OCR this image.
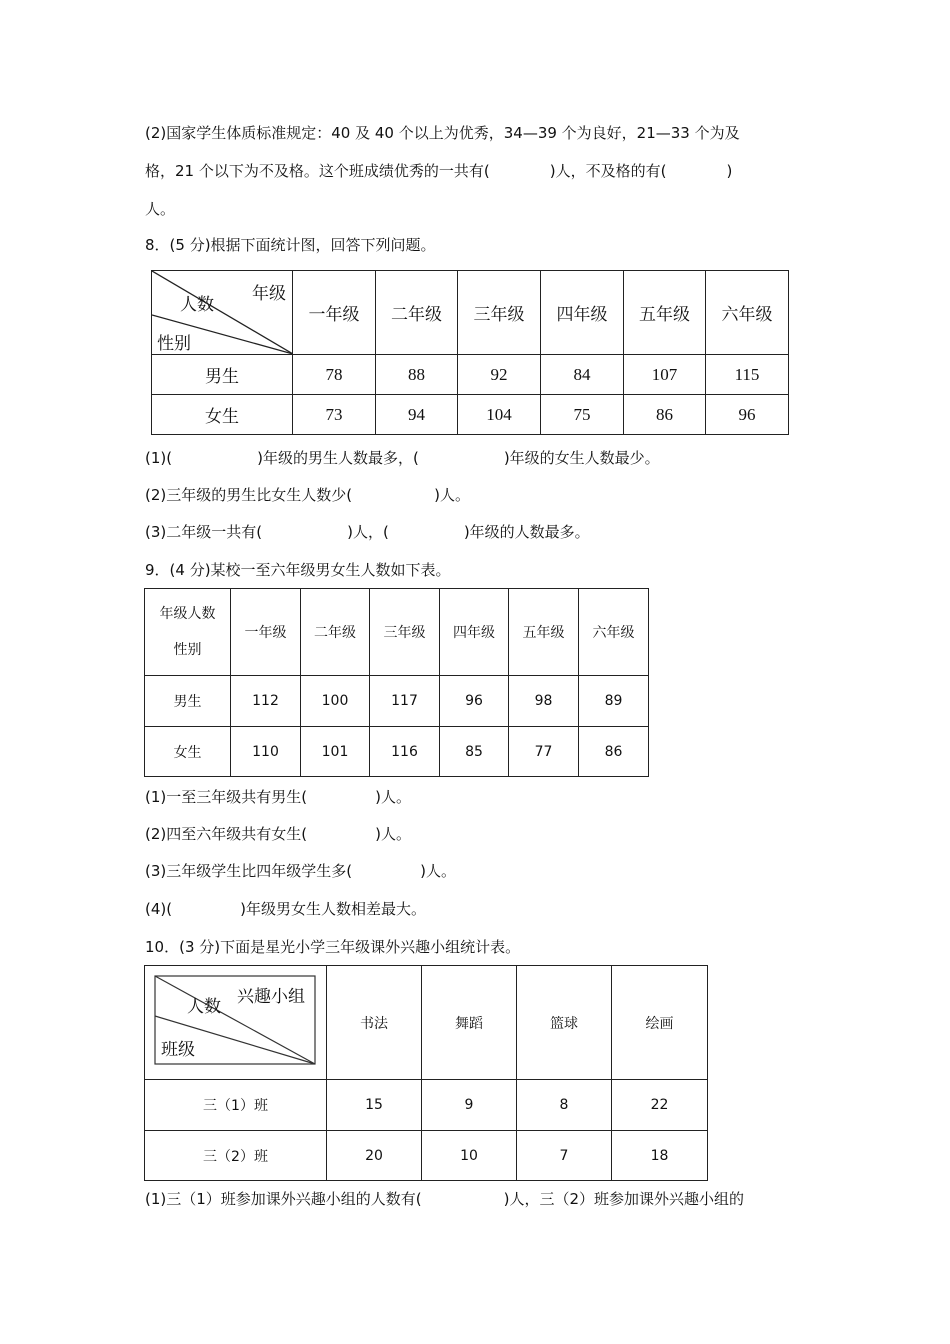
(2)国家学生体质标准规定：40 及 40 个以上为优秀，34—39 个为良好，21—33 个为及
格，21 个以下为不及格。这个班成绩优秀的一共有(	)人，不及格的有(	)
人。
8．(5 分)根据下面统计图，回答下列问题。
年级
人数
性别	一年级	二年级	三年级	四年级	五年级	六年级
男生	78	88	92	84	107	115
女生	73	94	104	75	86	96
(1)(	)年级的男生人数最多，(	)年级的女生人数最少。
(2)三年级的男生比女生人数少(	)人。
(3)二年级一共有(	)人，(	)年级的人数最多。
9．(4 分)某校一至六年级男女生人数如下表。
年级人数
性别	一年级	二年级	三年级	四年级	五年级	六年级
男生	112	100	117	96	98	89
女生	110	101	116	85	77	86
(1)一至三年级共有男生(	)人。
(2)四至六年级共有女生(	)人。
(3)三年级学生比四年级学生多(	)人。
(4)(	)年级男女生人数相差最大。
10．(3 分)下面是星光小学三年级课外兴趣小组统计表。
兴趣小组
人数
班级	书法	舞蹈	篮球	绘画
三（1）班	15	9	8	22
三（2）班	20	10	7	18
(1)三（1）班参加课外兴趣小组的人数有(	)人，三（2）班参加课外兴趣小组的
